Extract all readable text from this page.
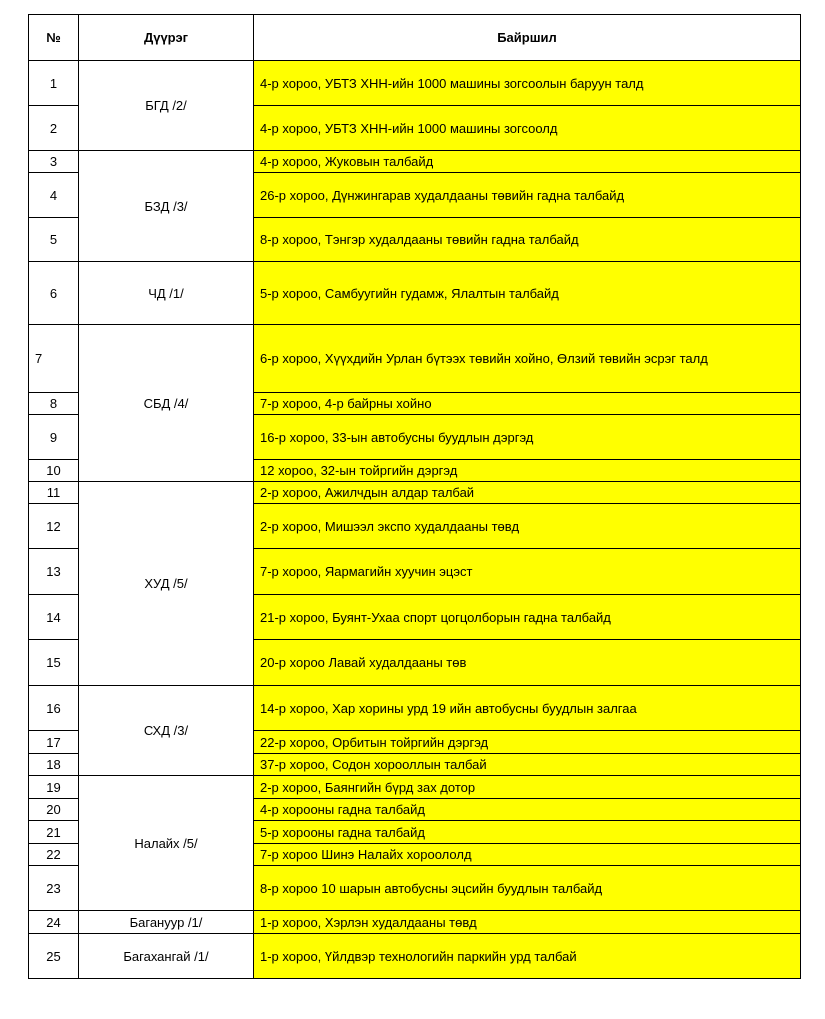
№	Дүүрэг	Байршил
1	БГД /2/	4-р хороо, УБТЗ ХНН-ийн 1000 машины зогсоолын баруун талд
2		4-р хороо, УБТЗ ХНН-ийн 1000 машины зогсоолд
3	БЗД /3/	4-р хороо, Жуковын талбайд
4		26-р хороо, Дүнжингарав худалдааны төвийн гадна талбайд
5		8-р хороо, Тэнгэр худалдааны төвийн гадна талбайд
6	ЧД /1/	5-р хороо, Самбуугийн гудамж, Ялалтын талбайд
7	СБД /4/	6-р хороо, Хүүхдийн Урлан бүтээх төвийн хойно, Өлзий төвийн эсрэг талд
8		7-р хороо, 4-р байрны хойно
9		16-р хороо, 33-ын автобусны буудлын дэргэд
10		12 хороо, 32-ын тойргийн дэргэд
11	ХУД /5/	2-р хороо, Ажилчдын алдар талбай
12		2-р хороо, Мишээл экспо худалдааны төвд
13		7-р хороо, Яармагийн хуучин эцэст
14		21-р хороо, Буянт-Ухаа спорт цогцолборын гадна талбайд
15		20-р хороо Лавай худалдааны төв
16	СХД /3/	14-р хороо, Хар хорины урд 19 ийн автобусны буудлын залгаа
17		22-р хороо, Орбитын тойргийн дэргэд
18		37-р хороо, Содон хорооллын талбай
19	Налайх /5/	2-р хороо, Баянгийн бүрд зах дотор
20		4-р хорооны гадна талбайд
21		5-р хорооны гадна талбайд
22		7-р хороо Шинэ Налайх хороололд
23		8-р хороо 10 шарын автобусны эцсийн буудлын талбайд
24	Багануур /1/	1-р хороо, Хэрлэн худалдааны төвд
25	Багахангай /1/	1-р хороо, Үйлдвэр технологийн паркийн урд талбай
